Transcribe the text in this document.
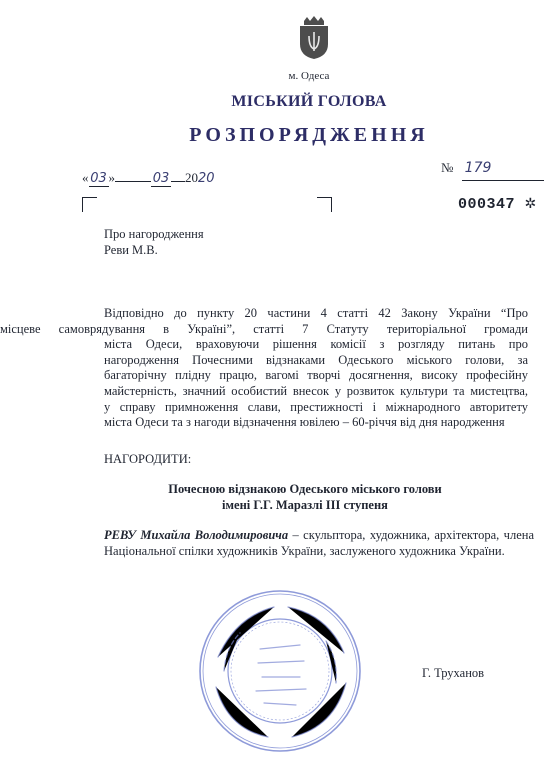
м. Одеса
МІСЬКИЙ ГОЛОВА
РОЗПОРЯДЖЕННЯ
« 03 »	03 2020
№ 179
000347 ✲
Про нагородження
Реви М.В.
Відповідно до пункту 20 частини 4 статті 42 Закону України “Про
місцеве самоврядування в Україні”, статті 7 Статуту територіальної громади
міста Одеси, враховуючи рішення комісії з розгляду питань про
нагородження Почесними відзнаками Одеського міського голови, за
багаторічну плідну працю, вагомі творчі досягнення, високу професійну
майстерність, значний особистий внесок у розвиток культури та мистецтва,
у справу примноження слави, престижності і міжнародного авторитету
міста Одеси та з нагоди відзначення ювілею – 60-річчя від дня народження
НАГОРОДИТИ:
Почесною відзнакою Одеського міського голови
імені Г.Г. Маразлі ІІІ ступеня
РЕВУ Михайла Володимировича – скульптора, художника, архітектора, члена Національної спілки художників України, заслуженого художника України.
Г. Труханов
